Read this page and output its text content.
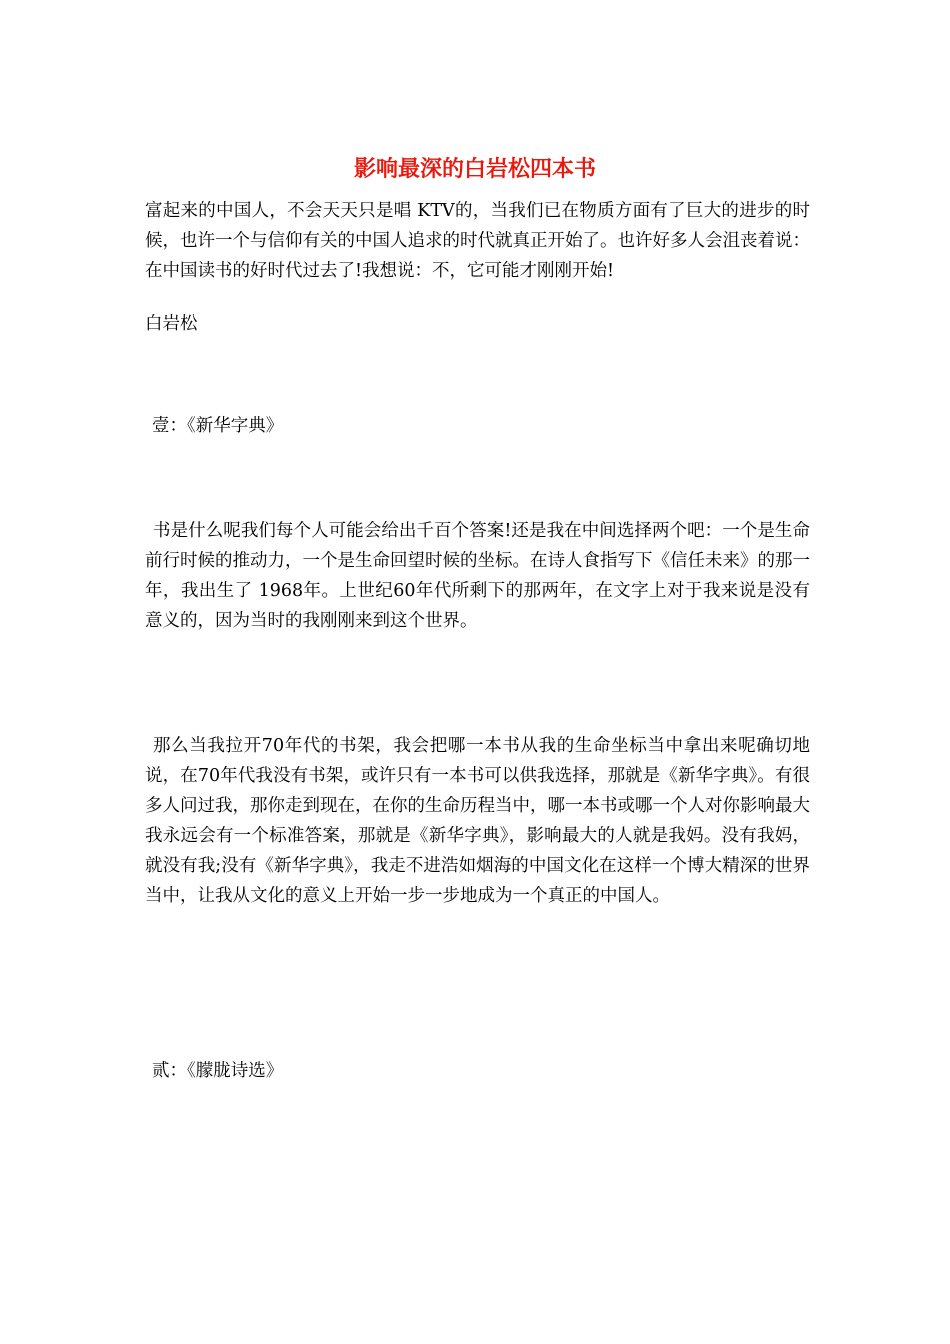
影响最深的白岩松四本书

富起来的中国人，不会天天只是唱 KTV的，当我们已在物质方面有了巨大的进步的时候，也许一个与信仰有关的中国人追求的时代就真正开始了。也许好多人会沮丧着说：在中国读书的好时代过去了!我想说：不，它可能才刚刚开始!

白岩松

壹：《新华字典》

书是什么呢我们每个人可能会给出千百个答案!还是我在中间选择两个吧：一个是生命前行时候的推动力，一个是生命回望时候的坐标。在诗人食指写下《信任未来》的那一年，我出生了 1968年。上世纪60年代所剩下的那两年，在文字上对于我来说是没有意义的，因为当时的我刚刚来到这个世界。

那么当我拉开70年代的书架，我会把哪一本书从我的生命坐标当中拿出来呢确切地说，在70年代我没有书架，或许只有一本书可以供我选择，那就是《新华字典》。有很多人问过我，那你走到现在，在你的生命历程当中，哪一本书或哪一个人对你影响最大我永远会有一个标准答案，那就是《新华字典》，影响最大的人就是我妈。没有我妈，就没有我;没有《新华字典》，我走不进浩如烟海的中国文化在这样一个博大精深的世界当中，让我从文化的意义上开始一步一步地成为一个真正的中国人。

贰：《朦胧诗选》
